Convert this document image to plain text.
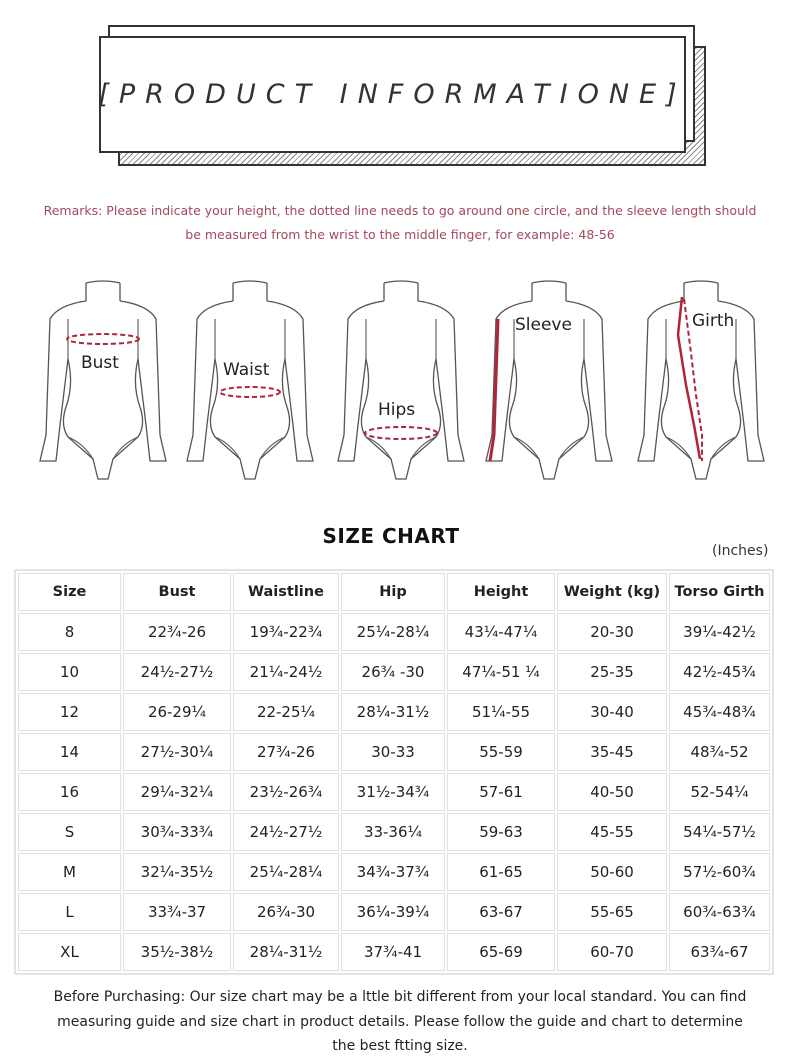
[PRODUCT INFORMATIONE]
Remarks: Please indicate your height, the dotted line needs to go around one circle, and the sleeve length should
be measured from the wrist to the middle finger, for example: 48-56
Bust	Waist
Hips
Sleeve	Girth
SIZE CHART
(Inches)
Size	Bust	Waistline	Hip	Height	Weight (kg)	Torso Girth
8	22¾-26	19¾-22¾	25¼-28¼	43¼-47¼	20-30	39¼-42½
10	24½-27½	21¼-24½	26¾ -30	47¼-51 ¼	25-35	42½-45¾
12	26-29¼	22-25¼	28¼-31½	51¼-55	30-40	45¾-48¾
14	27½-30¼	27¾-26	30-33	55-59	35-45	48¾-52
16	29¼-32¼	23½-26¾	31½-34¾	57-61	40-50	52-54¼
S	30¾-33¾	24½-27½	33-36¼	59-63	45-55	54¼-57½
M	32¼-35½	25¼-28¼	34¾-37¾	61-65	50-60	57½-60¾
L	33¾-37	26¾-30	36¼-39¼	63-67	55-65	60¾-63¾
XL	35½-38½	28¼-31½	37¾-41	65-69	60-70	63¾-67
Before Purchasing: Our size chart may be a lttle bit different from your local standard. You can find
measuring guide and size chart in product details. Please follow the guide and chart to determine
the best ftting size.
